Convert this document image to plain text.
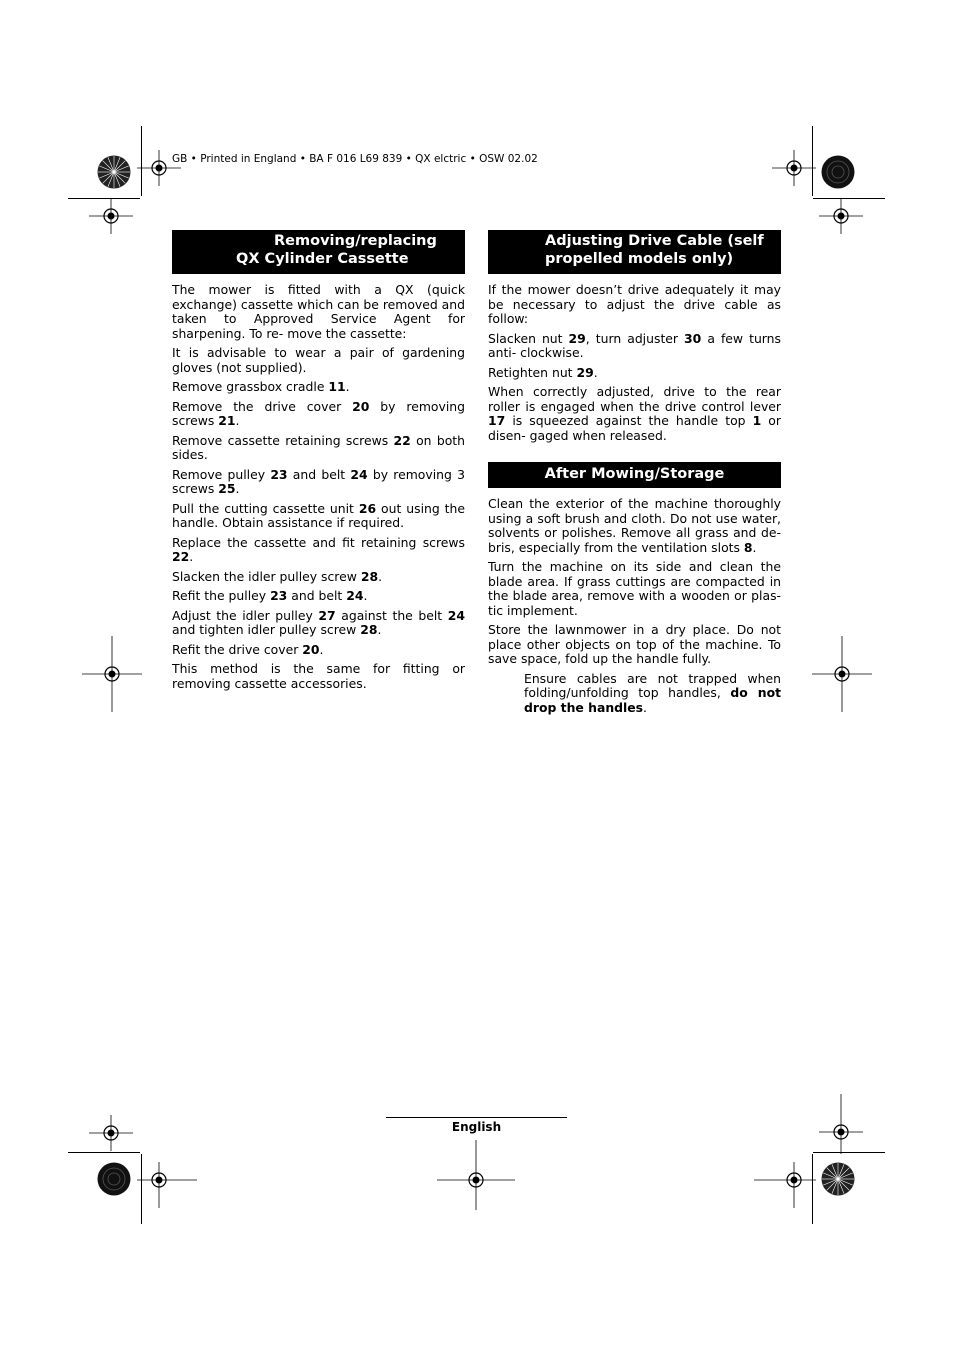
GB • Printed in England • BA F 016 L69 839 • QX elctric • OSW 02.02
Removing/replacing
QX Cylinder Cassette

The mower is fitted with a QX (quick exchange) cassette which can be removed and taken to Approved Service Agent for sharpening. To re- move the cassette:

It is advisable to wear a pair of gardening gloves (not supplied).

Remove grassbox cradle 11.

Remove the drive cover 20 by removing screws 21.

Remove cassette retaining screws 22 on both sides.

Remove pulley 23 and belt 24 by removing 3 screws 25.

Pull the cutting cassette unit 26 out using the handle. Obtain assistance if required.

Replace the cassette and fit retaining screws 22.

Slacken the idler pulley screw 28.

Refit the pulley 23 and belt 24.

Adjust the idler pulley 27 against the belt 24 and tighten idler pulley screw 28.

Refit the drive cover 20.

This method is the same for fitting or removing cassette accessories.

Adjusting Drive Cable (self
propelled models only)

If the mower doesn’t drive adequately it may be necessary to adjust the drive cable as follow:

Slacken nut 29, turn adjuster 30 a few turns anti- clockwise.

Retighten nut 29.

When correctly adjusted, drive to the rear roller is engaged when the drive control lever 17 is squeezed against the handle top 1 or disen- gaged when released.

After Mowing/Storage

Clean the exterior of the machine thoroughly using a soft brush and cloth. Do not use water, solvents or polishes. Remove all grass and de- bris, especially from the ventilation slots 8.

Turn the machine on its side and clean the blade area. If grass cuttings are compacted in the blade area, remove with a wooden or plas- tic implement.

Store the lawnmower in a dry place. Do not place other objects on top of the machine. To save space, fold up the handle fully.

Ensure cables are not trapped when folding/unfolding top handles, do not drop the handles.

English
